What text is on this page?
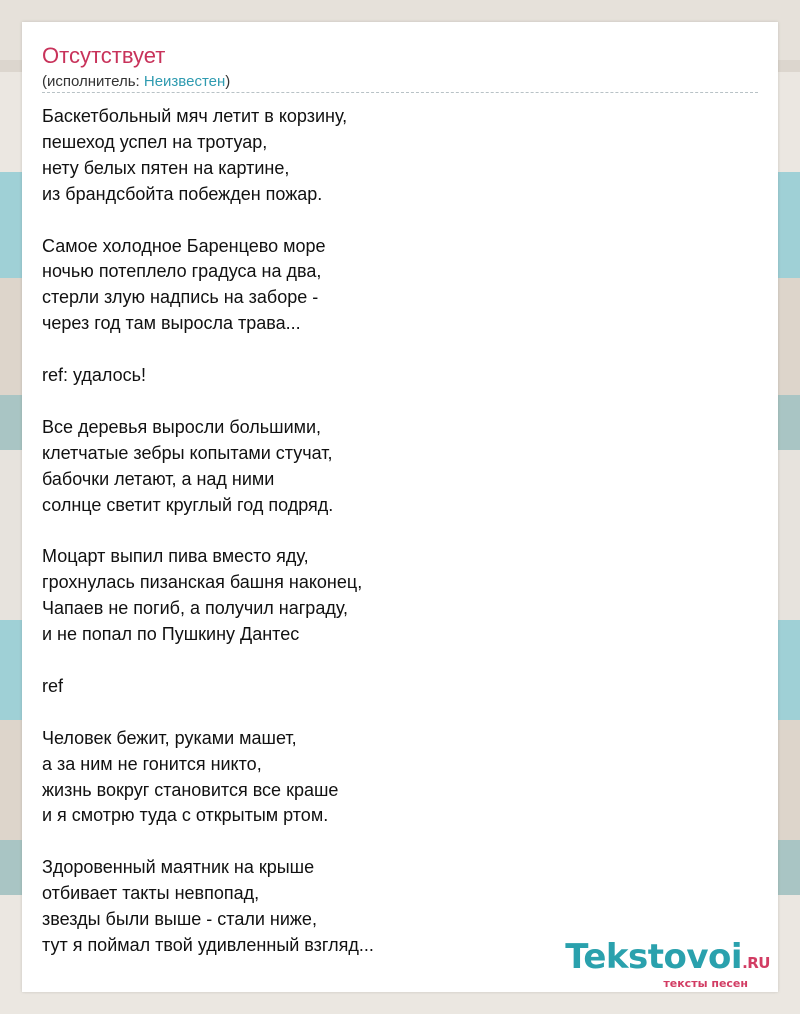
Отсутствует
(исполнитель: Неизвестен)
Баскетбольный мяч летит в корзину,
пешеход успел на тротуар,
нету белых пятен на картине,
из брандсбойта побежден пожар.

Самое холодное Баренцево море
ночью потеплело градуса на два,
стерли злую надпись на заборе -
через год там выросла трава...

ref: удалось!

Все деревья выросли большими,
клетчатые зебры копытами стучат,
бабочки летают, а над ними
солнце светит круглый год подряд.

Моцарт выпил пива вместо яду,
грохнулась пизанская башня наконец,
Чапаев не погиб, а получил награду,
и не попал по Пушкину Дантес

ref

Человек бежит, руками машет,
а за ним не гонится никто,
жизнь вокруг становится все краше
и я смотрю туда с открытым ртом.

Здоровенный маятник на крыше
отбивает такты невпопад,
звезды были выше - стали ниже,
тут я поймал твой удивленный взгляд...	Tekstovoi.RU
тексты песен
